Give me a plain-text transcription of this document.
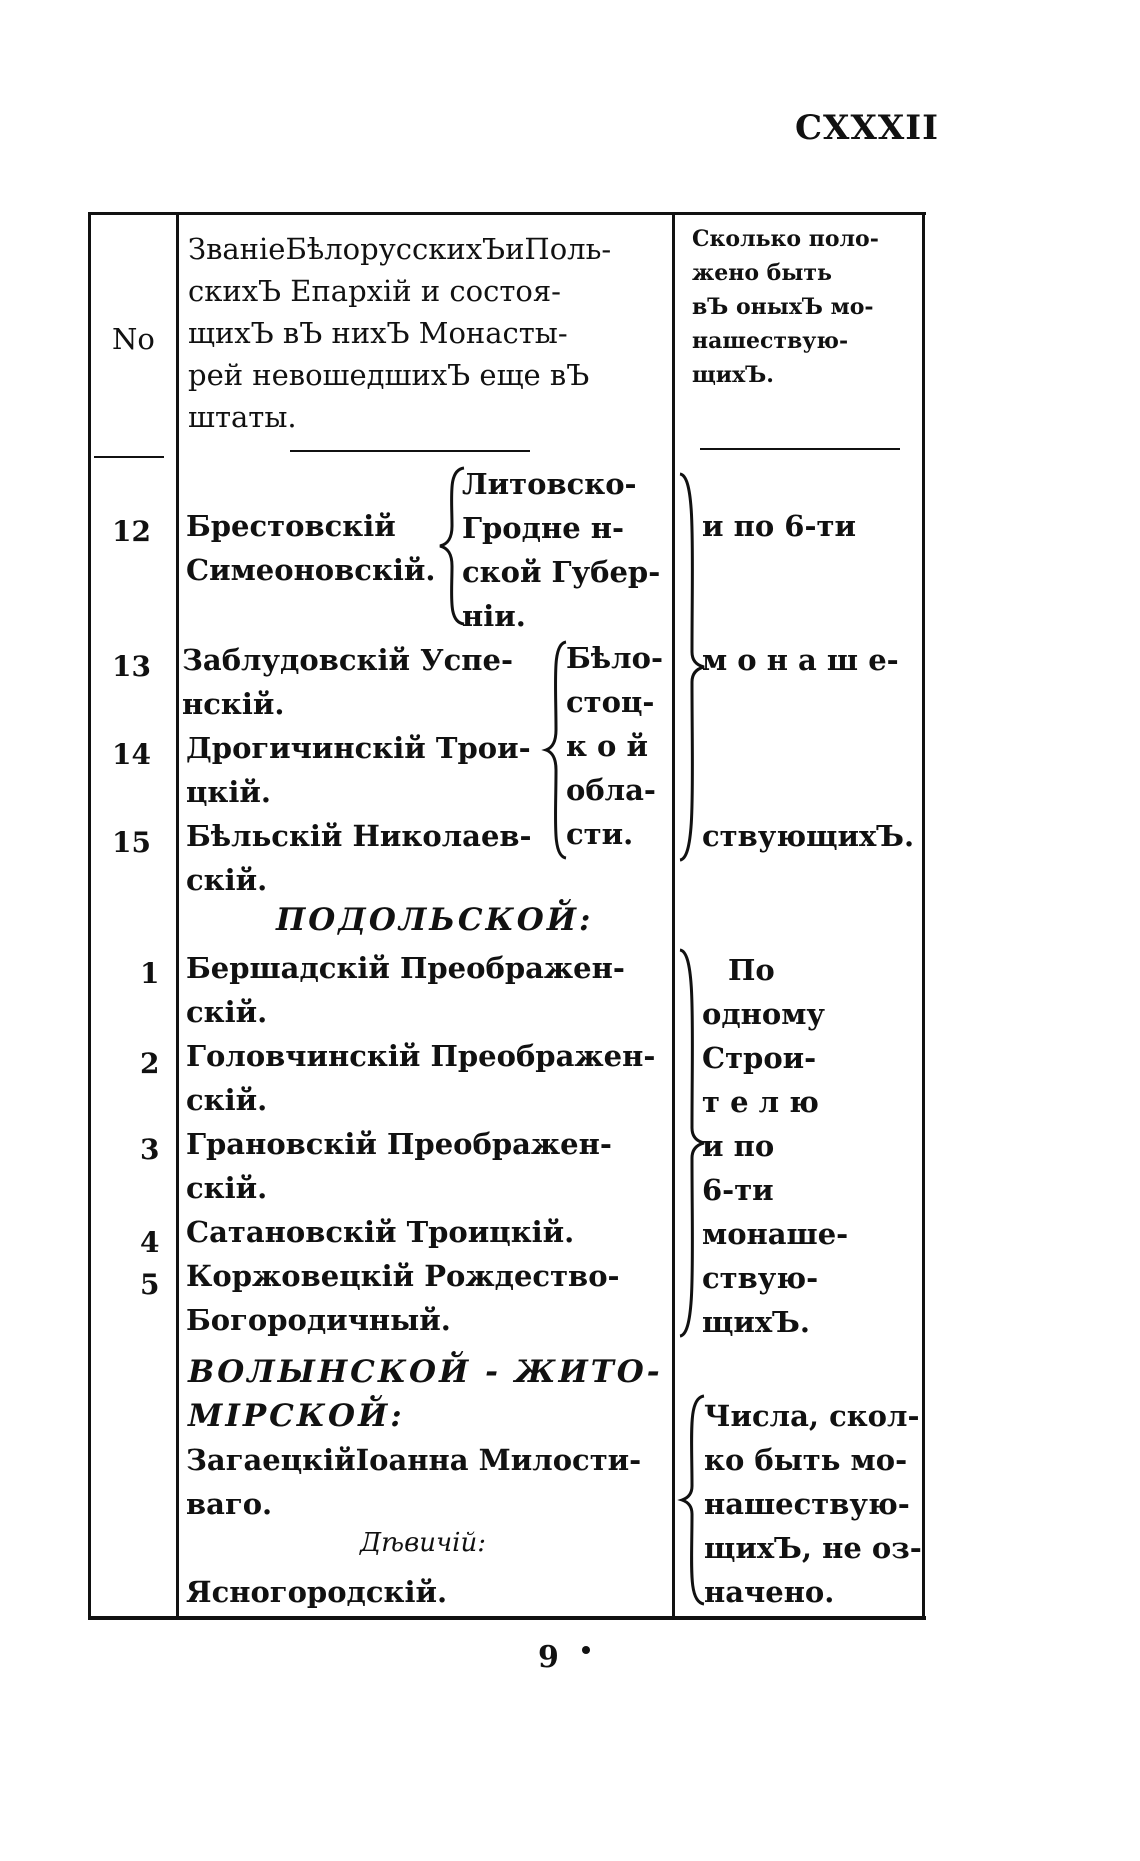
CXXXII
No
ЗванiеБѣлорусскихЪиПоль-
скихЪ Епархiй и состоя-
щихЪ вЪ нихЪ Монасты-
рей невошедшихЪ еще вЪ
штаты.
Сколько поло-
жено быть
вЪ оныхЪ мо-
нашествую-
щихЪ.
12
13
14
15
1
2
3
4
5
Брестовскiй
Симеоновскiй.
Литовско-
Гродне н-
ской Губер-
нiи.
Заблудовскiй Успе-
нскiй.
Дрогичинскiй Трои-
цкiй.
Бѣльскiй Николаев-
скiй.
Бѣло-
стоц-
к о й
обла-
сти.
и по 6-ти
м о н а ш е-
ствующихЪ.
ПОДОЛЬСКОЙ:
Бершадскiй Преображен-
скiй.
Головчинскiй Преображен-
скiй.
Грановскiй Преображен-
скiй.
Сатановскiй Троицкiй.
Коржовецкiй Рождество-
Богородичный.
По
одному
Строи-
т е л ю
и по
6-ти
монаше-
ствую-
щихЪ.
ВОЛЫНСКОЙ - ЖИТО-
МIРСКОЙ:
ЗагаецкiйIоанна Милости-
ваго.
Дѣвичiй:
Ясногородскiй.
Числа, скол-
ко быть мо-
нашествую-
щихЪ, не оз-
начено.
9
